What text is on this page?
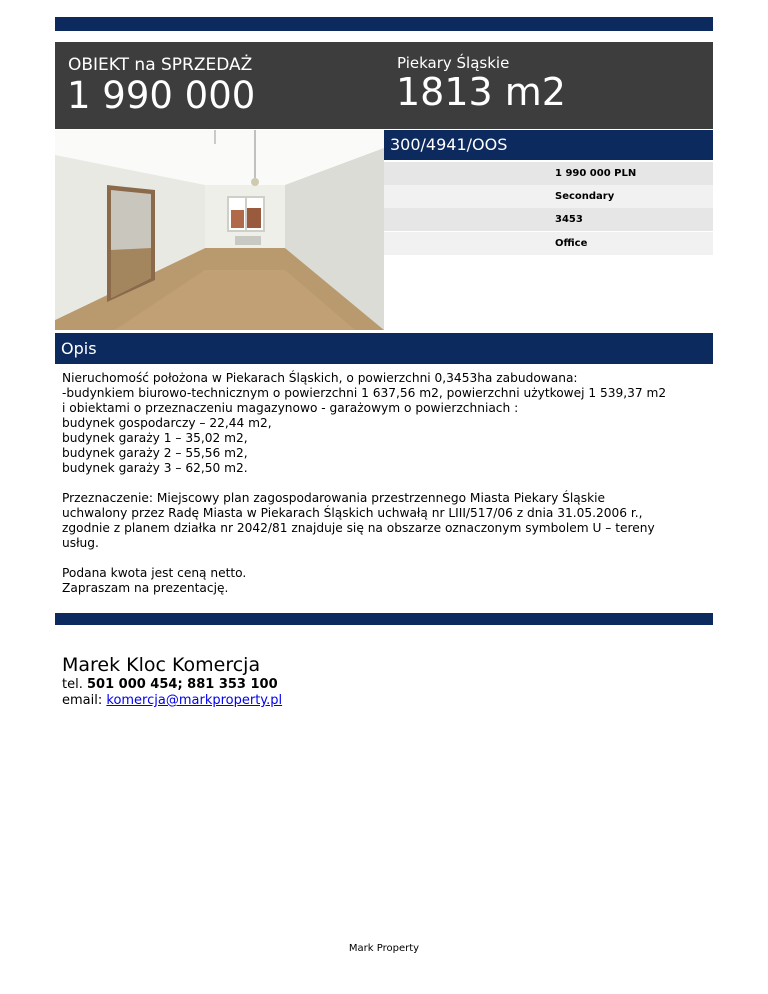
OBIEKT na SPRZEDAŻ
1 990 000
Piekary Śląskie
1813 m2
300/4941/OOS
1 990 000 PLN
Secondary
3453
Office
Opis

Nieruchomość położona w Piekarach Śląskich, o powierzchni 0,3453ha zabudowana:

-budynkiem biurowo-technicznym o powierzchni 1 637,56 m2, powierzchni użytkowej 1 539,37 m2

i obiektami o przeznaczeniu magazynowo - garażowym o powierzchniach :

budynek gospodarczy – 22,44 m2,

budynek garaży 1 – 35,02 m2,

budynek garaży 2 – 55,56 m2,

budynek garaży 3 – 62,50 m2.

Przeznaczenie: Miejscowy plan zagospodarowania przestrzennego Miasta Piekary Śląskie

uchwalony przez Radę Miasta w Piekarach Śląskich uchwałą nr LIII/517/06 z dnia 31.05.2006 r.,

zgodnie z planem działka nr 2042/81 znajduje się na obszarze oznaczonym symbolem U – tereny

usług.

Podana kwota jest ceną netto.

Zapraszam na prezentację.

Marek Kloc Komercja
tel. 501 000 454; 881 353 100
email: komercja@markproperty.pl
Mark Property
